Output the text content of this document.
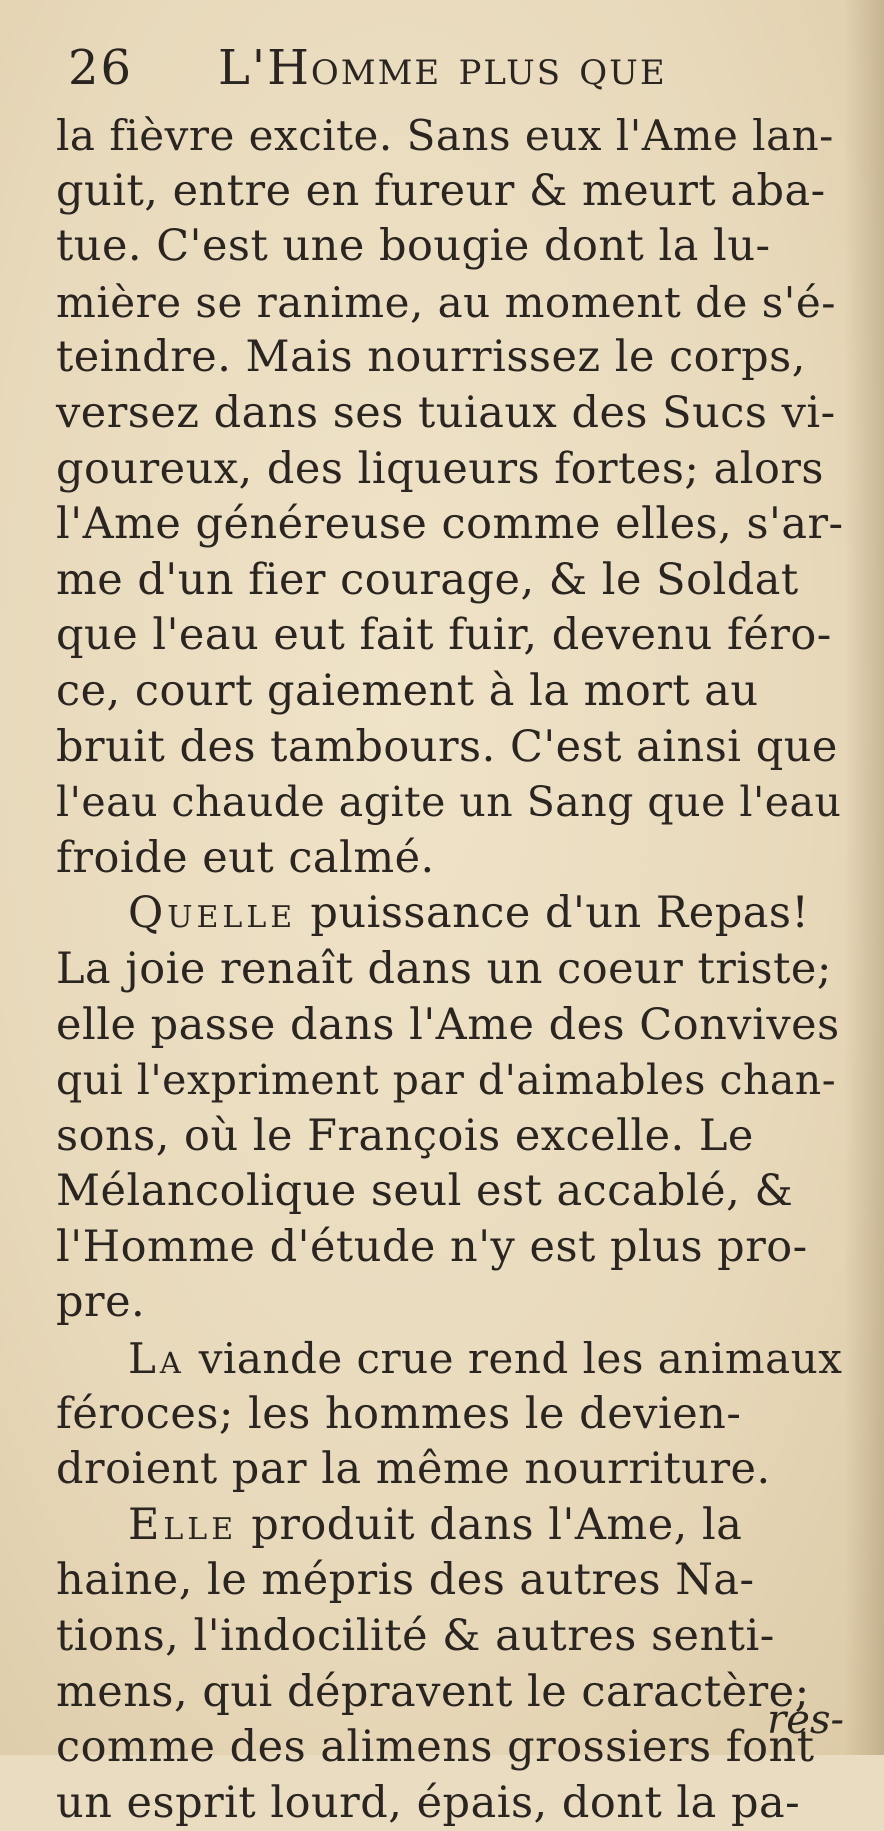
26	L'Homme plus que
la fièvre excite. Sans eux l'Ame lan-
guit, entre en fureur & meurt aba-
tue. C'est une bougie dont la lu-
mière se ranime, au moment de s'é-
teindre. Mais nourrissez le corps,
versez dans ses tuiaux des Sucs vi-
goureux, des liqueurs fortes; alors
l'Ame généreuse comme elles, s'ar-
me d'un fier courage, & le Soldat
que l'eau eut fait fuir, devenu féro-
ce, court gaiement à la mort au
bruit des tambours. C'est ainsi que
l'eau chaude agite un Sang que l'eau
froide eut calmé.
Quelle puissance d'un Repas!
La joie renaît dans un coeur triste;
elle passe dans l'Ame des Convives
qui l'expriment par d'aimables chan-
sons, où le François excelle. Le
Mélancolique seul est accablé, &
l'Homme d'étude n'y est plus pro-
pre.
La viande crue rend les animaux
féroces; les hommes le devien-
droient par la même nourriture.
Elle produit dans l'Ame, la
haine, le mépris des autres Na-
tions, l'indocilité & autres senti-
mens, qui dépravent le caractère;
comme des alimens grossiers font
un esprit lourd, épais, dont la pa-
res-
